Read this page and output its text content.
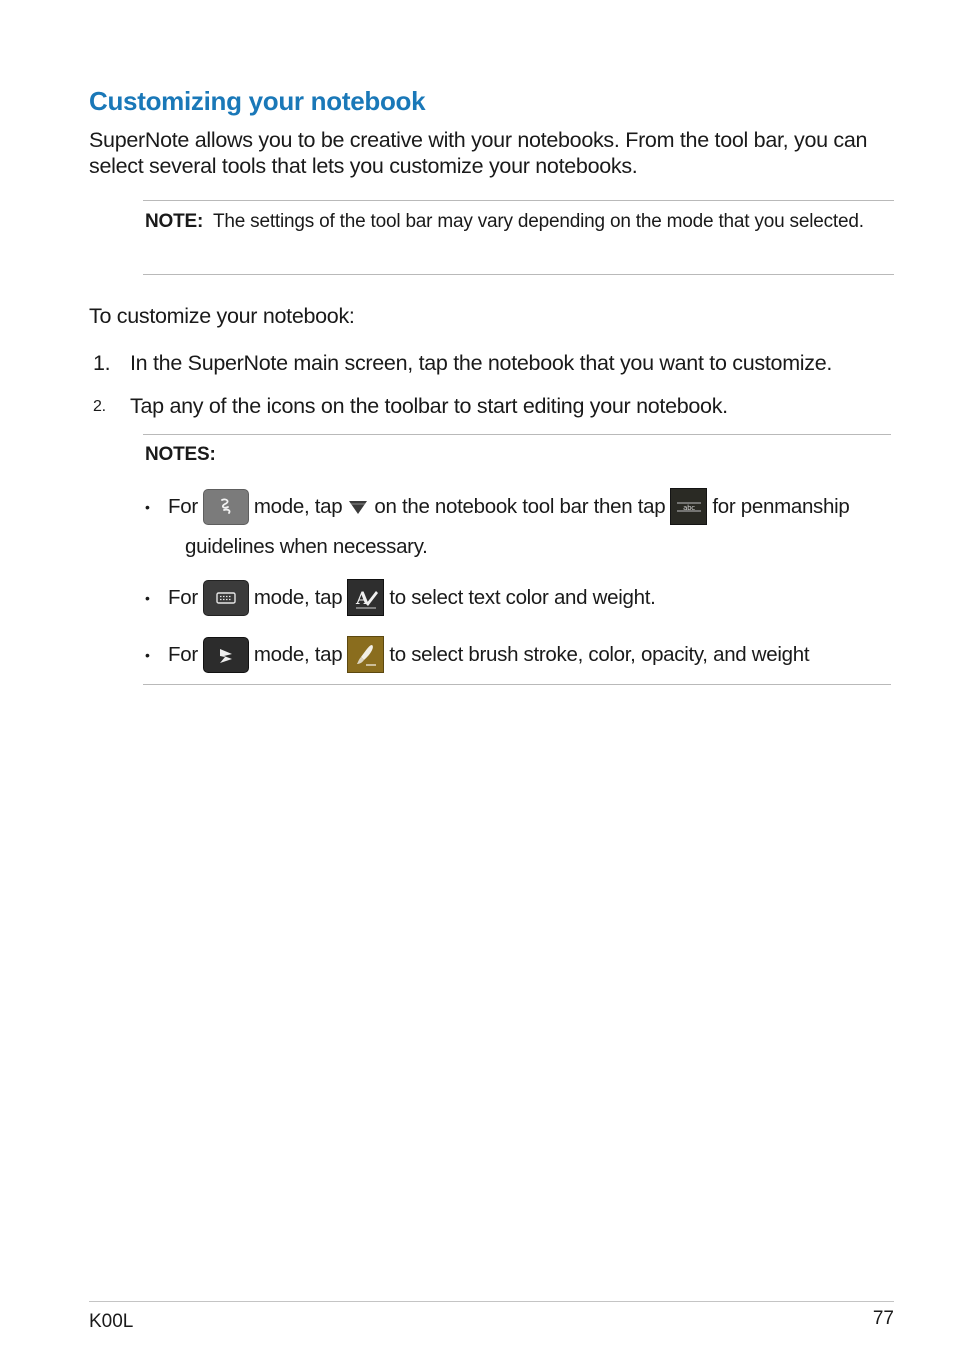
Customizing your notebook
SuperNote allows you to be creative with your notebooks. From the tool bar, you can select several tools that lets you customize your notebooks.
NOTE: The settings of the tool bar may vary depending on the mode that you selected.
To customize your notebook:
1. In the SuperNote main screen, tap the notebook that you want to customize.
2. Tap any of the icons on the toolbar to start editing your notebook.
NOTES:
• For	mode, tap on the notebook tool bar then tap	abc for penmanship
guidelines when necessary.
• For	mode, tap A to select text color and weight.
• For	mode, tap to select brush stroke, color, opacity, and weight
K00L	77
